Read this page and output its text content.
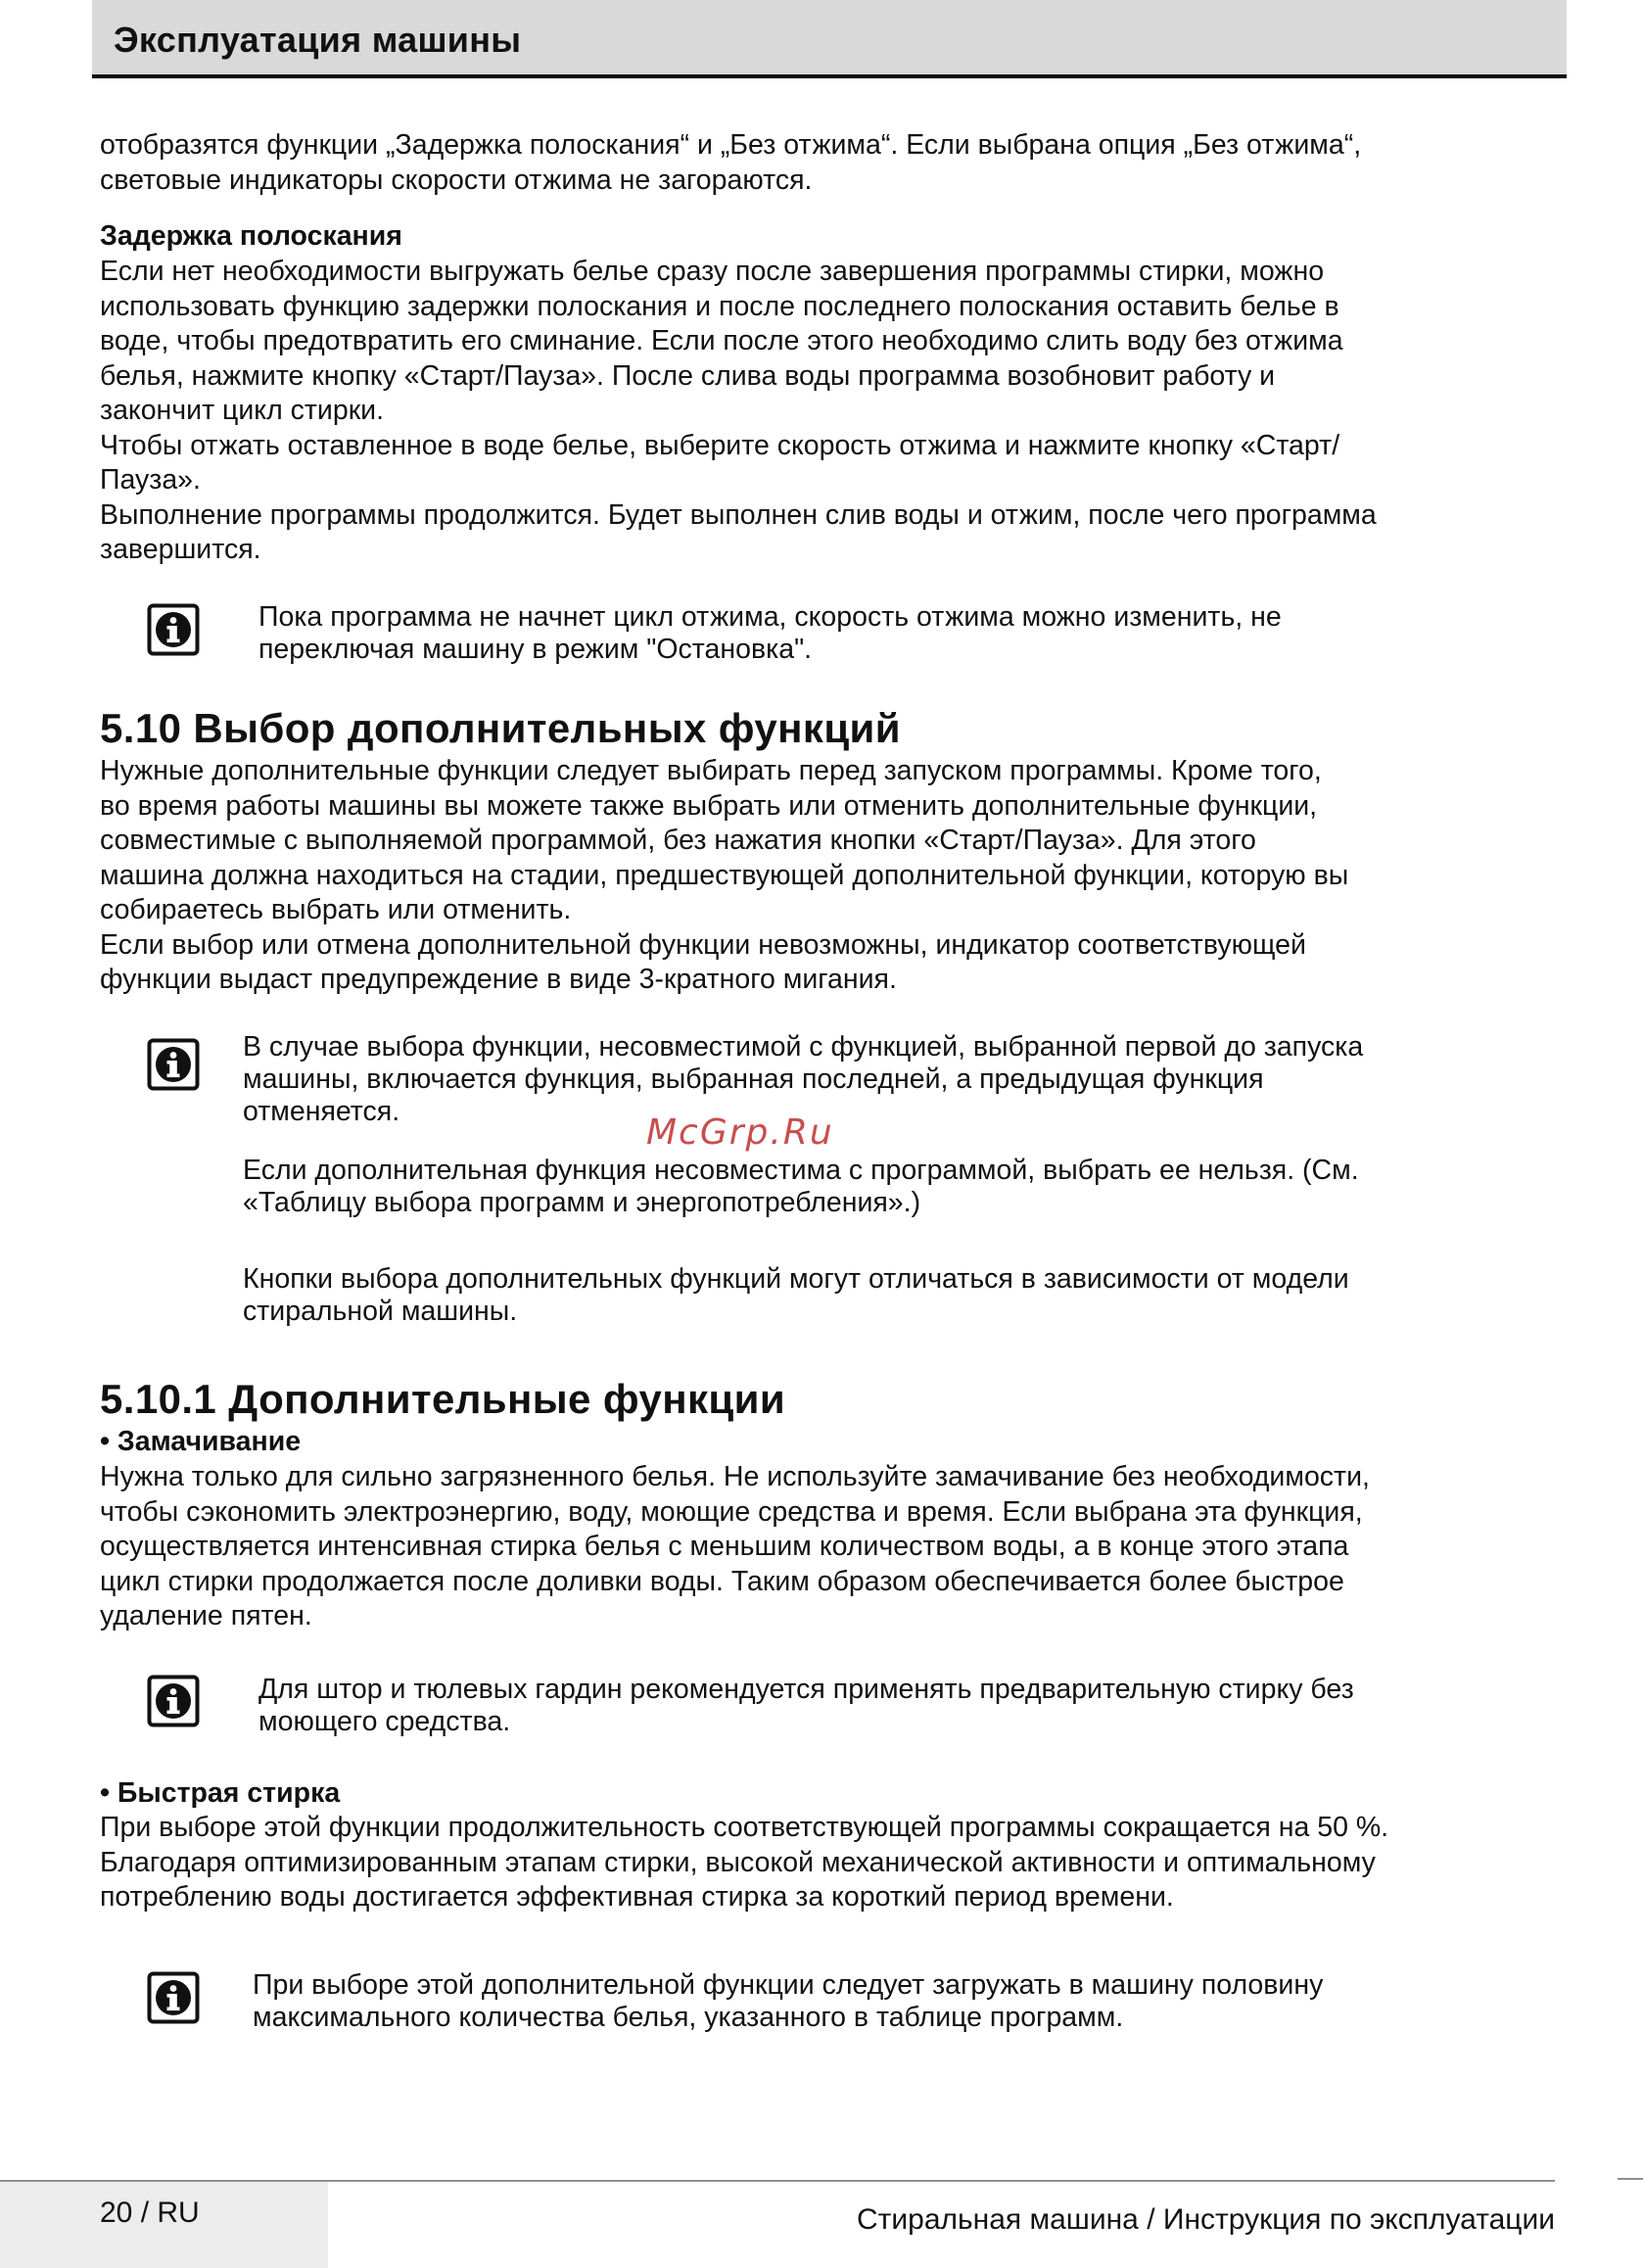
Эксплуатация машины

отобразятся функции „Задержка полоскания“ и „Без отжима“. Если выбрана опция „Без отжима“,
световые индикаторы скорости отжима не загораются.

Задержка полоскания

Если нет необходимости выгружать белье сразу после завершения программы стирки, можно
использовать функцию задержки полоскания и после последнего полоскания оставить белье в
воде, чтобы предотвратить его сминание. Если после этого необходимо слить воду без отжима
белья, нажмите кнопку «Старт/Пауза». После слива воды программа возобновит работу и
закончит цикл стирки.
Чтобы отжать оставленное в воде белье, выберите скорость отжима и нажмите кнопку «Старт/
Пауза».
Выполнение программы продолжится. Будет выполнен слив воды и отжим, после чего программа
завершится.

Пока программа не начнет цикл отжима, скорость отжима можно изменить, не
переключая машину в режим "Остановка".

5.10 Выбор дополнительных функций

Нужные дополнительные функции следует выбирать перед запуском программы. Кроме того,
во время работы машины вы можете также выбрать или отменить дополнительные функции,
совместимые с выполняемой программой, без нажатия кнопки «Старт/Пауза». Для этого
машина должна находиться на стадии, предшествующей дополнительной функции, которую вы
собираетесь выбрать или отменить.
Если выбор или отмена дополнительной функции невозможны, индикатор соответствующей
функции выдаст предупреждение в виде 3-кратного мигания.

В случае выбора функции, несовместимой с функцией, выбранной первой до запуска
машины, включается функция, выбранная последней, а предыдущая функция
отменяется.

McGrp.Ru

Если дополнительная функция несовместима с программой, выбрать ее нельзя. (См.
«Таблицу выбора программ и энергопотребления».)

Кнопки выбора дополнительных функций могут отличаться в зависимости от модели
стиральной машины.

5.10.1 Дополнительные функции

• Замачивание

Нужна только для сильно загрязненного белья. Не используйте замачивание без необходимости,
чтобы сэкономить электроэнергию, воду, моющие средства и время. Если выбрана эта функция,
осуществляется интенсивная стирка белья с меньшим количеством воды, а в конце этого этапа
цикл стирки продолжается после доливки воды. Таким образом обеспечивается более быстрое
удаление пятен.

Для штор и тюлевых гардин рекомендуется применять предварительную стирку без
моющего средства.

• Быстрая стирка

При выборе этой функции продолжительность соответствующей программы сокращается на 50 %.
Благодаря оптимизированным этапам стирки, высокой механической активности и оптимальному
потреблению воды достигается эффективная стирка за короткий период времени.

При выборе этой дополнительной функции следует загружать в машину половину
максимального количества белья, указанного в таблице программ.

20 / RU	Стиральная машина / Инструкция по эксплуатации
